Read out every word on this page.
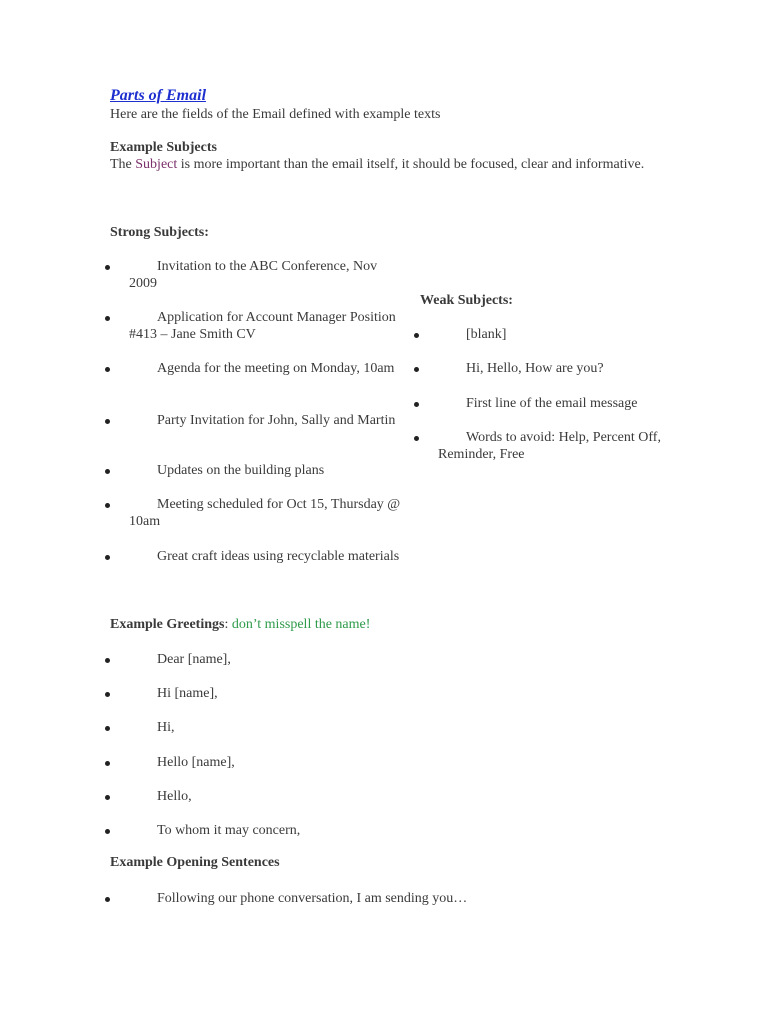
Parts of Email
Here are the fields of the Email defined with example texts
Example Subjects
The Subject is more important than the email itself, it should be focused, clear and informative.
Strong Subjects:
Invitation to the ABC Conference, Nov 2009
Application for Account Manager Position #413 – Jane Smith CV
Agenda for the meeting on Monday, 10am
Party Invitation for John, Sally and Martin
Updates on the building plans
Meeting scheduled for Oct 15, Thursday @ 10am
Great craft ideas using recyclable materials
Weak Subjects:
[blank]
Hi, Hello, How are you?
First line of the email message
Words to avoid: Help, Percent Off, Reminder, Free
Example Greetings: don’t misspell the name!
Dear [name],
Hi [name],
Hi,
Hello [name],
Hello,
To whom it may concern,
Example Opening Sentences
Following our phone conversation, I am sending you…
